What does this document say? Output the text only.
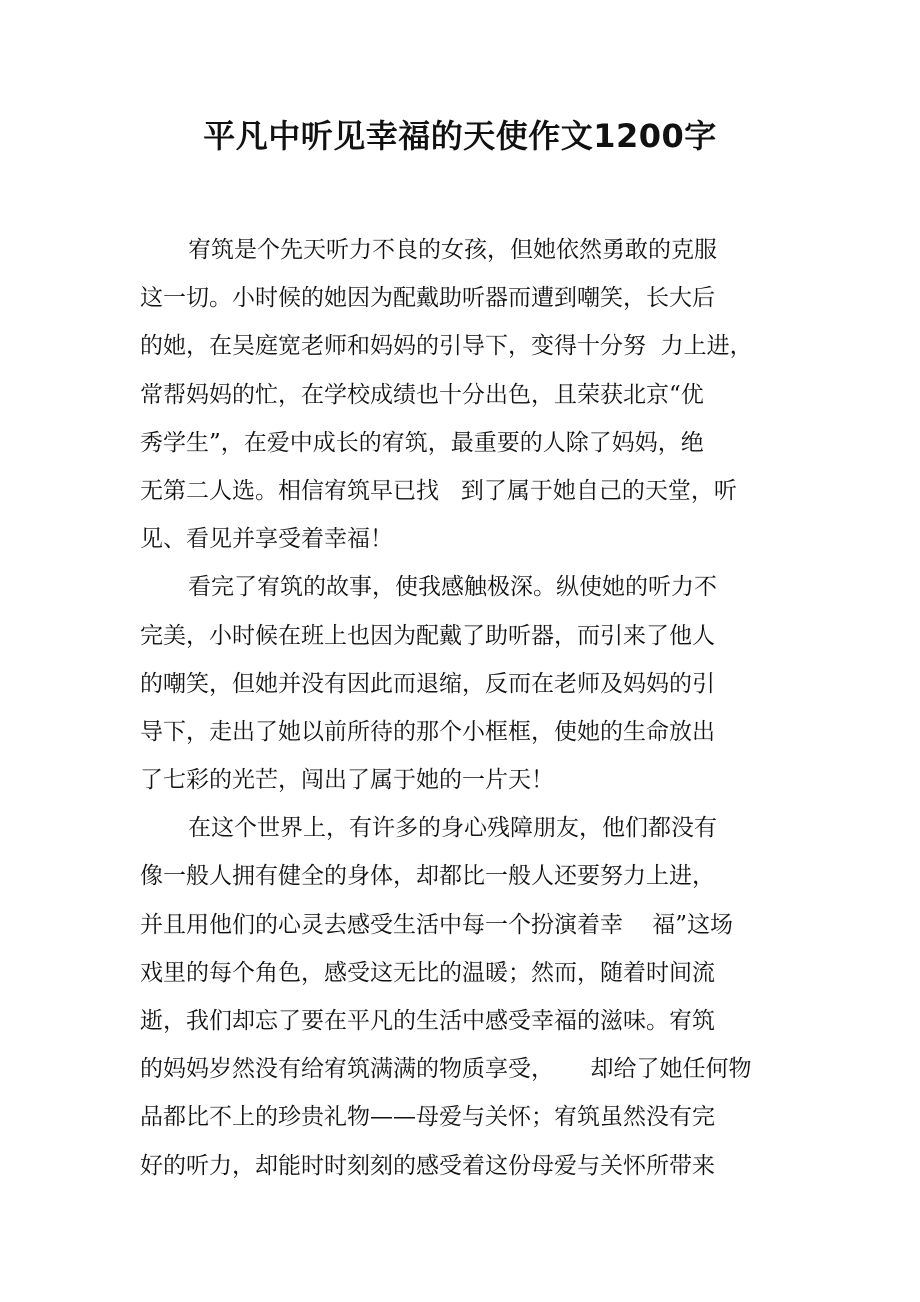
平凡中听见幸福的天使作文1200字
宥筑是个先天听力不良的女孩，但她依然勇敢的克服
这一切。小时候的她因为配戴助听器而遭到嘲笑，长大后
的她，在吴庭宽老师和妈妈的引导下，变得十分努  力上进，
常帮妈妈的忙，在学校成绩也十分出色，且荣获北京“优
秀学生”，在爱中成长的宥筑，最重要的人除了妈妈，绝
无第二人选。相信宥筑早已找   到了属于她自己的天堂，听
见、看见并享受着幸福！
看完了宥筑的故事，使我感触极深。纵使她的听力不
完美，小时候在班上也因为配戴了助听器，而引来了他人
的嘲笑，但她并没有因此而退缩，反而在老师及妈妈的引
导下，走出了她以前所待的那个小框框，使她的生命放出
了七彩的光芒，闯出了属于她的一片天！
在这个世界上，有许多的身心残障朋友，他们都没有
像一般人拥有健全的身体，却都比一般人还要努力上进，
并且用他们的心灵去感受生活中每一个扮演着幸    福”这场
戏里的每个角色，感受这无比的温暖；然而，随着时间流
逝，我们却忘了要在平凡的生活中感受幸福的滋味。宥筑
的妈妈岁然没有给宥筑满满的物质享受，     却给了她任何物
品都比不上的珍贵礼物——母爱与关怀；宥筑虽然没有完
好的听力，却能时时刻刻的感受着这份母爱与关怀所带来
